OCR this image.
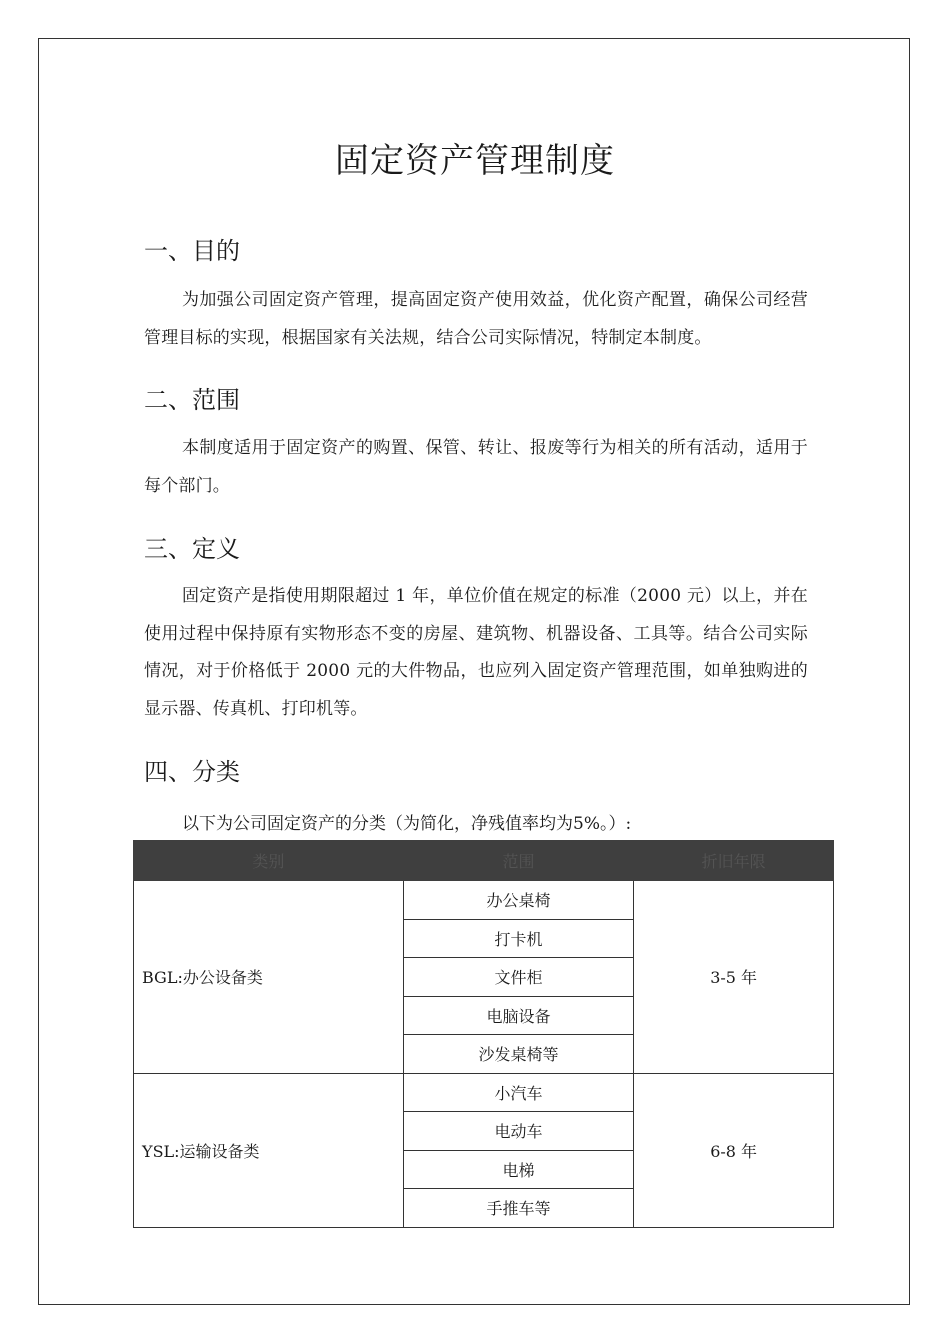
固定资产管理制度
一、目的
为加强公司固定资产管理，提高固定资产使用效益，优化资产配置，确保公司经营管理目标的实现，根据国家有关法规，结合公司实际情况，特制定本制度。
二、范围
本制度适用于固定资产的购置、保管、转让、报废等行为相关的所有活动，适用于每个部门。
三、定义
固定资产是指使用期限超过 1 年，单位价值在规定的标准（2000 元）以上，并在使用过程中保持原有实物形态不变的房屋、建筑物、机器设备、工具等。结合公司实际情况，对于价格低于 2000 元的大件物品，也应列入固定资产管理范围，如单独购进的显示器、传真机、打印机等。
四、分类
以下为公司固定资产的分类（为简化，净残值率均为5%。）:
类别	范围	折旧年限
BGL:办公设备类	办公桌椅	3-5 年
	打卡机	
	文件柜	
	电脑设备	
	沙发桌椅等	
YSL:运输设备类	小汽车	6-8 年
	电动车	
	电梯	
	手推车等	
